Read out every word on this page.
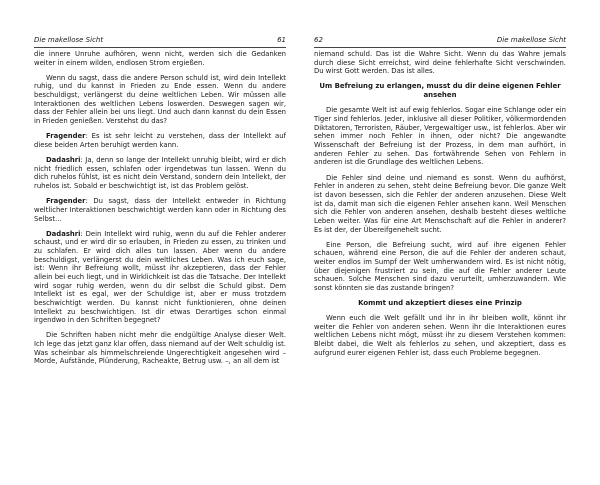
Die makellose Sicht	61

die innere Unruhe aufhören, wenn nicht, werden sich die Gedanken weiter in einem wilden, endlosen Strom ergießen.

Wenn du sagst, dass die andere Person schuld ist, wird dein Intellekt ruhig, und du kannst in Frieden zu Ende essen. Wenn du andere beschuldigst, verlängerst du deine weltlichen Leben. Wir müssen alle Interaktionen des weltlichen Lebens loswerden. Deswegen sagen wir, dass der Fehler allein bei uns liegt. Und auch dann kannst du dein Essen in Frieden genießen. Verstehst du das?

Fragender: Es ist sehr leicht zu verstehen, dass der Intellekt auf diese beiden Arten beruhigt werden kann.

Dadashri: Ja, denn so lange der Intellekt unruhig bleibt, wird er dich nicht friedlich essen, schlafen oder irgendetwas tun lassen. Wenn du dich ruhelos fühlst, ist es nicht dein Verstand, sondern dein Intellekt, der ruhelos ist. Sobald er beschwichtigt ist, ist das Problem gelöst.

Fragender: Du sagst, dass der Intellekt entweder in Richtung weltlicher Interaktionen beschwichtigt werden kann oder in Richtung des Selbst…

Dadashri: Dein Intellekt wird ruhig, wenn du auf die Fehler anderer schaust, und er wird dir so erlauben, in Frieden zu essen, zu trinken und zu schlafen. Er wird dich alles tun lassen. Aber wenn du andere beschuldigst, verlängerst du dein weltliches Leben. Was ich euch sage, ist: Wenn ihr Befreiung wollt, müsst ihr akzeptieren, dass der Fehler allein bei euch liegt, und in Wirklichkeit ist das die Tatsache. Der Intellekt wird sogar ruhig werden, wenn du dir selbst die Schuld gibst. Dem Intellekt ist es egal, wer der Schuldige ist, aber er muss trotzdem beschwichtigt werden. Du kannst nicht funktionieren, ohne deinen Intellekt zu beschwichtigen. Ist dir etwas Derartiges schon einmal irgendwo in den Schriften begegnet?

Die Schriften haben nicht mehr die endgültige Analyse dieser Welt. Ich lege das jetzt ganz klar offen, dass niemand auf der Welt schuldig ist. Was scheinbar als himmelschreiende Ungerechtigkeit angesehen wird – Morde, Aufstände, Plünderung, Racheakte, Betrug usw. –, an all dem ist

62	Die makellose Sicht

niemand schuld. Das ist die Wahre Sicht. Wenn du das Wahre jemals durch diese Sicht erreichst, wird deine fehlerhafte Sicht verschwinden. Du wirst Gott werden. Das ist alles.

Um Befreiung zu erlangen, musst du dir deine eigenen Fehler ansehen

Die gesamte Welt ist auf ewig fehlerlos. Sogar eine Schlange oder ein Tiger sind fehlerlos. Jeder, inklusive all dieser Politiker, völkermordenden Diktatoren, Terroristen, Räuber, Vergewaltiger usw., ist fehlerlos. Aber wir sehen immer noch Fehler in ihnen, oder nicht? Die angewandte Wissenschaft der Befreiung ist der Prozess, in dem man aufhört, in anderen Fehler zu sehen. Das fortwährende Sehen von Fehlern in anderen ist die Grundlage des weltlichen Lebens.

Die Fehler sind deine und niemand es sonst. Wenn du aufhörst, Fehler in anderen zu sehen, steht deine Befreiung bevor. Die ganze Welt ist davon besessen, sich die Fehler der anderen anzusehen. Diese Welt ist da, damit man sich die eigenen Fehler ansehen kann. Weil Menschen sich die Fehler von anderen ansehen, deshalb besteht dieses weltliche Leben weiter. Was für eine Art Menschschaft auf die Fehler in anderer? Es ist der, der Übereifgenehelt sucht.

Eine Person, die Befreiung sucht, wird auf ihre eigenen Fehler schauen, während eine Person, die auf die Fehler der anderen schaut, weiter endlos im Sumpf der Welt umherwandern wird. Es ist nicht nötig, über diejenigen frustriert zu sein, die auf die Fehler anderer Leute schauen. Solche Menschen sind dazu verurteilt, umherzuwandern. Wie sonst könnten sie das zustande bringen?

Kommt und akzeptiert dieses eine Prinzip

Wenn euch die Welt gefällt und ihr in ihr bleiben wollt, könnt ihr weiter die Fehler von anderen sehen. Wenn ihr die Interaktionen eures weltlichen Lebens nicht mögt, müsst ihr zu diesem Verstehen kommen: Bleibt dabei, die Welt als fehlerlos zu sehen, und akzeptiert, dass es aufgrund eurer eigenen Fehler ist, dass euch Probleme begegnen.
